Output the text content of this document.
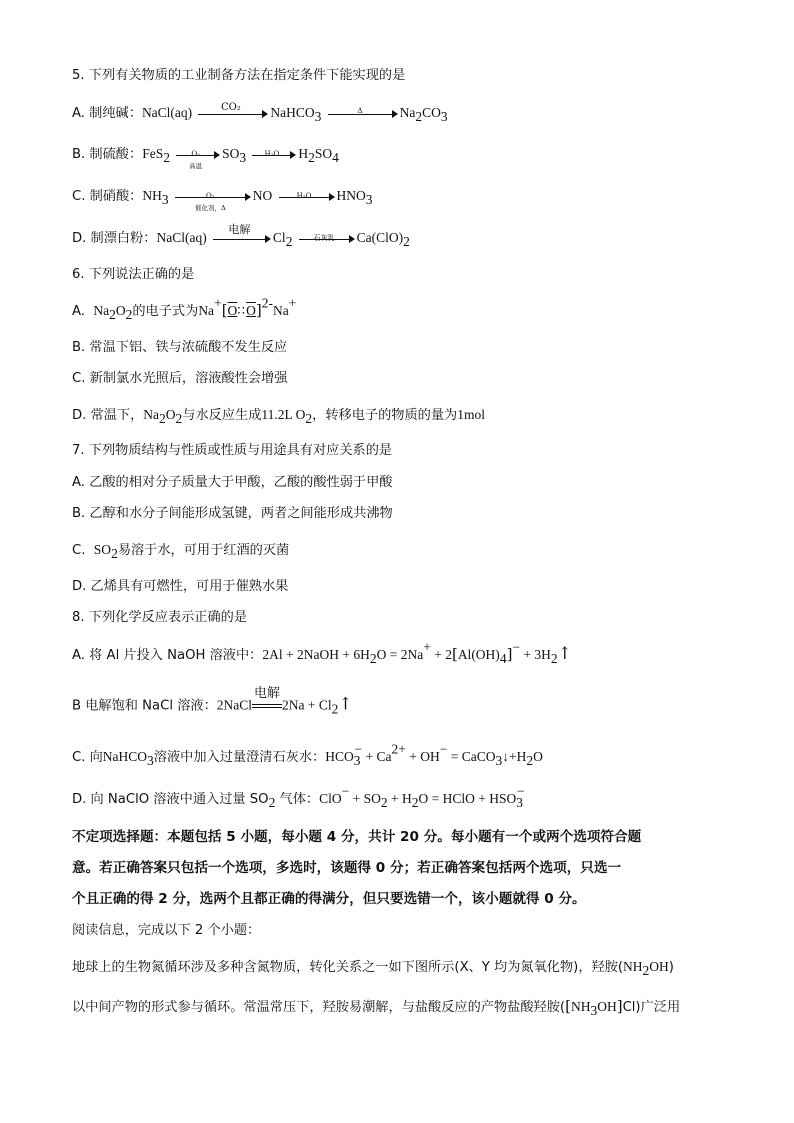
5. 下列有关物质的工业制备方法在指定条件下能实现的是
A. 制纯碱：NaCl(aq)	CO₂	NaHCO$_3$	Δ	$Na_2CO_3$
B. 制硫酸：FeS$_2$	O₂
高温
$SO_3$	H₂O	$H_2SO_4$
C. 制硝酸：$NH_3$	O₂
催化剂，Δ
NO	H₂O	$HNO_3$
D. 制漂白粉：NaCl(aq)
电解
$Cl_2$	石灰乳	$Ca(ClO)_2$
6. 下列说法正确的是
A. $Na_2O_2$的电子式为Na+[O∶∶O]$^{2-}$Na+
B. 常温下铝、铁与浓硫酸不发生反应
C. 新制氯水光照后，溶液酸性会增强
D. 常温下，$Na_2O_2$与水反应生成11.2L $O_2$，转移电子的物质的量为1mol
7. 下列物质结构与性质或性质与用途具有对应关系的是
A. 乙酸的相对分子质量大于甲酸，乙酸的酸性弱于甲酸
B. 乙醇和水分子间能形成氢键，两者之间能形成共沸物
C. $SO_2$易溶于水，可用于红酒的灭菌
D. 乙烯具有可燃性，可用于催熟水果
8. 下列化学反应表示正确的是
A. 将 Al 片投入 NaOH 溶液中：2Al + 2NaOH + $6H_2O = 2Na^+ + 2[Al(OH)_4]^-$ + $3H_2↑$
B 电解饱和 NaCl 溶液：2NaCl
电解
$2Na + Cl_2↑$
C. 向NaHCO$_3$溶液中加入过量澄清石灰水：$HCO_3^- + Ca^{2+} + OH^-$ = $CaCO_3↓+H_2O$
D. 向 NaClO 溶液中通入过量 $SO_2$ 气体：$ClO^- + SO_2 + H_2O$ = HClO + $HSO_3^-$
不定项选择题：本题包括 5 小题，每小题 4 分，共计 20 分。每小题有一个或两个选项符合题
意。若正确答案只包括一个选项，多选时，该题得 0 分；若正确答案包括两个选项，只选一
个且正确的得 2 分，选两个且都正确的得满分，但只要选错一个，该小题就得 0 分。
阅读信息，完成以下 2 个小题：
地球上的生物氮循环涉及多种含氮物质，转化关系之一如下图所示(X、Y 均为氮氧化物)，羟胺$(NH_2OH)$
以中间产物的形式参与循环。常温常压下，羟胺易潮解，与盐酸反应的产物盐酸羟胺$([NH_3OH]Cl)$广泛用
